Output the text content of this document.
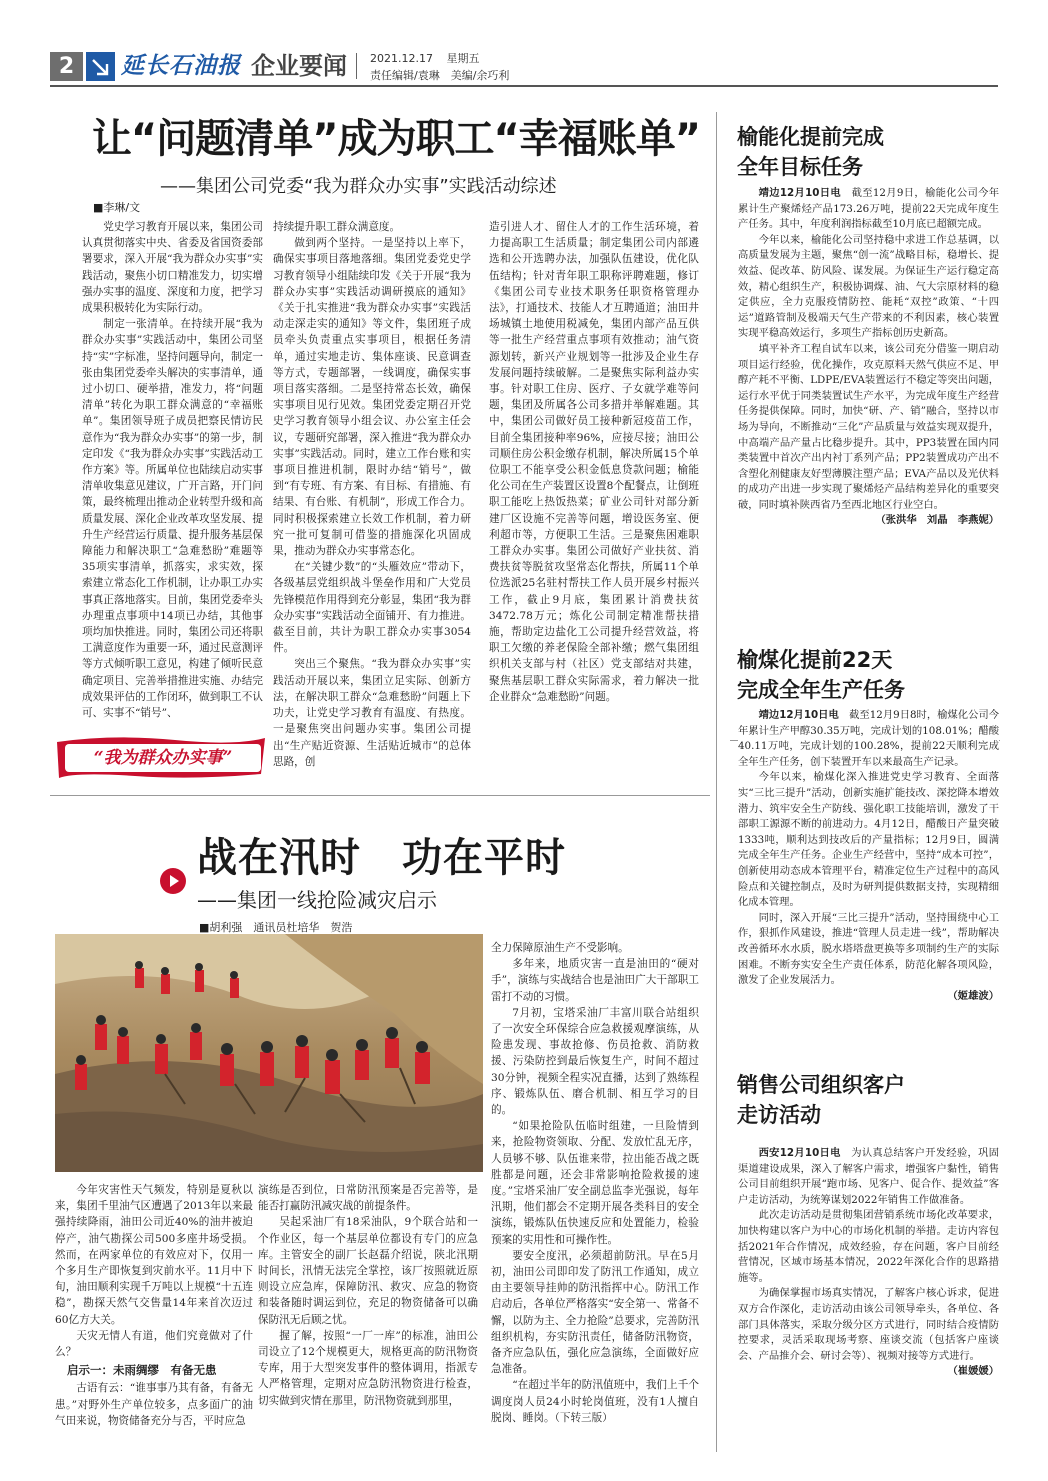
2	延长石油报 企业要闻 2021.12.17 星期五
责任编辑/袁琳　美编/余巧利
让“问题清单”成为职工“幸福账单”
——集团公司党委“我为群众办实事”实践活动综述
■李琳/文

党史学习教育开展以来，集团公司认真贯彻落实中央、省委及省国资委部署要求，深入开展“我为群众办实事”实践活动，聚焦小切口精准发力，切实增强办实事的温度、深度和力度，把学习成果积极转化为实际行动。

制定一张清单。在持续开展“我为群众办实事”实践活动中，集团公司坚持“实”字标准，坚持问题导向，制定一张由集团党委牵头解决的实事清单，通过小切口、硬举措，准发力，将“问题清单”转化为职工群众满意的“幸福账单”。集团领导班子成员把察民情访民意作为“我为群众办实事”的第一步，制定印发《“我为群众办实事”实践活动工作方案》等。所属单位也陆续启动实事清单收集意见建议，广开言路，开门问策，最终梳理出推动企业转型升级和高质量发展、深化企业改革攻坚发展、提升生产经营运行质量、提升服务基层保障能力和解决职工“急难愁盼”难题等35项实事清单，抓落实，求实效，探索建立常态化工作机制，让办职工办实事真正落地落实。目前，集团党委牵头办理重点事项中14项已办结，其他事项均加快推进。同时，集团公司还将职工满意度作为重要一环，通过民意测评等方式倾听职工意见，构建了倾听民意确定项目、完善举措推进实施、办结完成效果评估的工作闭环，做到职工不认可、实事不“销号”、

持续提升职工群众满意度。

做到两个坚持。一是坚持以上率下，确保实事项目落地落细。集团党委党史学习教育领导小组陆续印发《关于开展“我为群众办实事”实践活动调研摸底的通知》《关于扎实推进“我为群众办实事”实践活动走深走实的通知》等文件，集团班子成员牵头负责重点实事项目，根据任务清单，通过实地走访、集体座谈、民意调查等方式，专题部署，一线调度，确保实事项目落实落细。二是坚持常态长效，确保实事项目见行见效。集团党委定期召开党史学习教育领导小组会议、办公室主任会议，专题研究部署，深入推进“我为群众办实事”实践活动。同时，建立工作台账和实事项目推进机制，限时办结“销号”，做到“有专班、有方案、有目标、有措施、有结果、有台账、有机制”，形成工作合力。同时积极探索建立长效工作机制，着力研究一批可复制可借鉴的措施深化巩固成果，推动为群众办实事常态化。

在“关键少数”的“头雁效应”带动下，各级基层党组织战斗堡垒作用和广大党员先锋模范作用得到充分彰显，集团“我为群众办实事”实践活动全面铺开、有力推进。截至目前，共计为职工群众办实事3054件。

突出三个聚焦。“我为群众办实事”实践活动开展以来，集团立足实际、创新方法，在解决职工群众“急难愁盼”问题上下功夫，让党史学习教育有温度、有热度。一是聚焦突出问题办实事。集团公司提出“生产贴近资源、生活贴近城市”的总体思路，创

造引进人才、留住人才的工作生活环境，着力提高职工生活质量；制定集团公司内部遴选和公开选聘办法，加强队伍建设，优化队伍结构；针对青年职工职称评聘难题，修订《集团公司专业技术职务任职资格管理办法》，打通技术、技能人才互聘通道；油田井场城镇土地使用税减免，集团内部产品互供等一批生产经营重点事项有效推动；油气资源划转，新兴产业规划等一批涉及企业生存发展问题持续破解。二是聚焦实际利益办实事。针对职工住房、医疗、子女就学难等问题，集团及所属各公司多措并举解难题。其中，集团公司做好员工接种新冠疫苗工作，目前全集团接种率96%，应接尽接；油田公司顺住房公积金缴存机制，解决所属15个单位职工不能享受公积金低息贷款问题；榆能化公司在生产装置区设置8个配餐点，让倒班职工能吃上热饭热菜；矿业公司针对部分新建厂区设施不完善等问题，增设医务室、便利超市等，方便职工生活。三是聚焦困难职工群众办实事。集团公司做好产业扶贫、消费扶贫等脱贫攻坚常态化帮扶，所属11个单位选派25名驻村帮扶工作人员开展乡村振兴工作，截止9月底，集团累计消费扶贫3472.78万元；炼化公司制定精准帮扶措施，帮助定边盐化工公司提升经营效益，将职工欠缴的养老保险全部补缴；燃气集团组织机关支部与村（社区）党支部结对共建，聚焦基层职工群众实际需求，着力解决一批企业群众“急难愁盼”问题。

“我为群众办实事”
战在汛时　功在平时
——集团一线抢险减灾启示
■胡利强　通讯员杜培华　贺浩

今年灾害性天气频发，特别是夏秋以来，集团千里油气区遭遇了2013年以来最强持续降雨，油田公司近40%的油井被迫停产，油气勘探公司500多座井场受损。然而，在两家单位的有效应对下，仅用一个多月生产即恢复到灾前水平。11月中下旬，油田顺利实现千万吨以上规模“十五连稳”，勘探天然气交售量14年来首次迈过60亿方大关。

天灾无情人有道，他们究竟做对了什么？

启示一：未雨绸缪　有备无患

古语有云：“谁事事乃其有备，有备无患。”对野外生产单位较多，点多面广的油气田来说，物资储备充分与否，平时应急

演练是否到位，日常防汛预案是否完善等，是能否打赢防汛减灾战的前提条件。

吴起采油厂有18采油队，9个联合站和一个作业区，每一个基层单位都设有专门的应急库。主管安全的副厂长赵磊介绍说，陕北汛期时间长，汛情无法完全掌控，该厂按照就近原则设立应急库，保障防汛、救灾、应急的物资和装备随时调运到位，充足的物资储备可以确保防汛无后顾之忧。

握了解，按照“一厂一库”的标准，油田公司设立了12个规模更大，规格更高的防汛物资专库，用于大型突发事件的整体调用，指派专人严格管理，定期对应急防汛物资进行检查，切实做到灾情在那里，防汛物资就到那里，

全力保障原油生产不受影响。

多年来，地质灾害一直是油田的“硬对手”，演练与实战结合也是油田广大干部职工雷打不动的习惯。

7月初，宝塔采油厂丰富川联合站组织了一次安全环保综合应急救援观摩演练，从险患发现、事故抢修、伤员抢救、消防救援、污染防控到最后恢复生产，时间不超过30分钟，视频全程实况直播，达到了熟练程序、锻炼队伍、磨合机制、相互学习的目的。

“如果抢险队伍临时组建，一旦险情到来，抢险物资领取、分配、发放忙乱无序，人员够不够、队伍谁来带，拉出能否战之既胜都是问题，还会非常影响抢险救援的速度。”宝塔采油厂安全副总监李光强说，每年汛期，他们都会不定期开展各类科目的安全演练，锻炼队伍快速反应和处置能力，检验预案的实用性和可操作性。

要安全度汛，必须超前防汛。早在5月初，油田公司即印发了防汛工作通知，成立由主要领导挂帅的防汛指挥中心。防汛工作启动后，各单位严格落实“安全第一、常备不懈，以防为主、全力抢险”总要求，完善防汛组织机构，夯实防汛责任，储备防汛物资，备齐应急队伍，强化应急演练，全面做好应急准备。

“在超过半年的防汛值班中，我们上千个调度岗人员24小时轮岗值班，没有1人擅自脱岗、睡岗。（下转三版）

榆能化提前完成
全年目标任务

靖边12月10日电　 截至12月9日，榆能化公司今年累计生产聚烯烃产品173.26万吨，提前22天完成年度生产任务。其中，年度利润指标截至10月底已超额完成。

今年以来，榆能化公司坚持稳中求进工作总基调，以高质量发展为主题，聚焦“创一流”战略目标，稳增长、提效益、促改革、防风险、谋发展。为保证生产运行稳定高效，精心组织生产，积极协调煤、油、气大宗原材料的稳定供应，全力克服疫情防控、能耗“双控”政策、“十四运”道路管制及极端天气生产带来的不利因素，核心装置实现平稳高效运行，多项生产指标创历史新高。

填平补齐工程自试车以来，该公司充分借鉴一期启动项目运行经验，优化操作，攻克原料天然气供应不足、甲醇产耗不平衡、LDPE/EVA装置运行不稳定等突出问题，运行水平优于同类装置试生产水平，为完成年度生产经营任务提供保障。同时，加快“研、产、销”融合，坚持以市场为导向，不断推动“三化”产品质量与效益实现双提升，中高端产品产量占比稳步提升。其中，PP3装置在国内同类装置中首次产出内衬丁系列产品；PP2装置成功产出不含塑化剂健康友好型薄膜注塑产品；EVA产品以及光伏料的成功产出进一步实现了聚烯烃产品结构差异化的重要突破，同时填补陕西省乃至西北地区行业空白。

（张洪华　刘晶　李燕妮）

榆煤化提前22天
完成全年生产任务

靖边12月10日电　 截至12月9日8时，榆煤化公司今年累计生产甲醇30.35万吨，完成计划的108.01%；醋酸40.11万吨，完成计划的100.28%，提前22天顺利完成全年生产任务，创下装置开车以来最高生产记录。

今年以来，榆煤化深入推进党史学习教育、全面落实“三比三提升”活动，创新实施扩能技改、深挖降本增效潜力、筑牢安全生产防线、强化职工技能培训，激发了干部职工源源不断的前进动力。4月12日，醋酸日产量突破1333吨，顺利达到技改后的产量指标；12月9日，圆满完成全年生产任务。企业生产经营中，坚持“成本可控”，创新使用动态成本管理平台，精准定位生产过程中的高风险点和关键控制点，及时为研判提供数据支持，实现精细化成本管理。

同时，深入开展“三比三提升”活动，坚持围绕中心工作，狠抓作风建设，推进“管理人员走进一线”，帮助解决改善循环水水质，脱水塔塔盘更换等多项制约生产的实际困难。不断夯实安全生产责任体系，防范化解各项风险，激发了企业发展活力。

（姬雄波）

销售公司组织客户
走访活动

西安12月10日电　 为认真总结客户开发经验，巩固渠道建设成果，深入了解客户需求，增强客户黏性，销售公司目前组织开展“跑市场、见客户、促合作、提效益”客户走访活动，为统筹谋划2022年销售工作做准备。

此次走访活动是贯彻集团营销系统市场化改革要求，加快构建以客户为中心的市场化机制的举措。走访内容包括2021年合作情况，成效经验，存在问题，客户目前经营情况，区域市场基本情况，2022年深化合作的思路措施等。

为确保掌握市场真实情况，了解客户核心诉求，促进双方合作深化，走访活动由该公司领导牵头，各单位、各部门具体落实，采取分级分区方式进行，同时结合疫情防控要求，灵活采取现场考察、座谈交流（包括客户座谈会、产品推介会、研讨会等）、视频对接等方式进行。

（崔媛媛）
